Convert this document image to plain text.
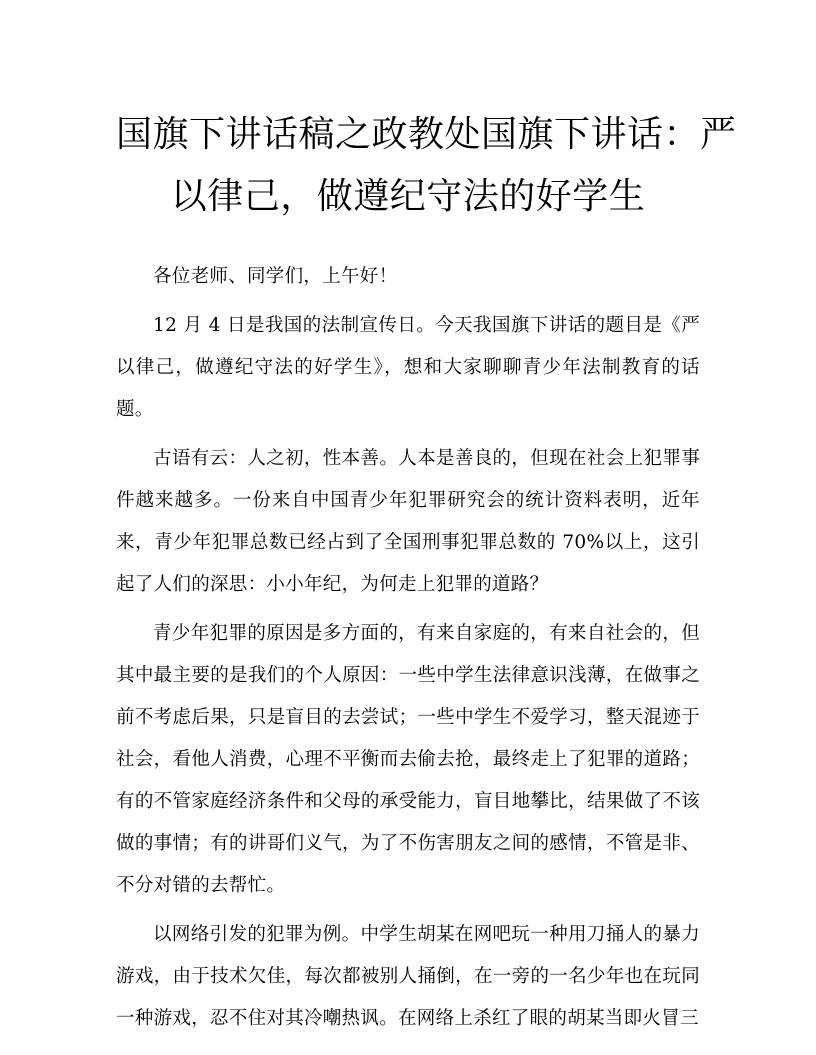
国旗下讲话稿之政教处国旗下讲话：严
以律己，做遵纪守法的好学生

各位老师、同学们，上午好！

12 月 4 日是我国的法制宣传日。今天我国旗下讲话的题目是《严以律己，做遵纪守法的好学生》，想和大家聊聊青少年法制教育的话题。

古语有云：人之初，性本善。人本是善良的，但现在社会上犯罪事件越来越多。一份来自中国青少年犯罪研究会的统计资料表明，近年来，青少年犯罪总数已经占到了全国刑事犯罪总数的 70%以上，这引起了人们的深思：小小年纪，为何走上犯罪的道路？

青少年犯罪的原因是多方面的，有来自家庭的，有来自社会的，但其中最主要的是我们的个人原因：一些中学生法律意识浅薄，在做事之前不考虑后果，只是盲目的去尝试；一些中学生不爱学习，整天混迹于社会，看他人消费，心理不平衡而去偷去抢，最终走上了犯罪的道路；有的不管家庭经济条件和父母的承受能力，盲目地攀比，结果做了不该做的事情；有的讲哥们义气，为了不伤害朋友之间的感情，不管是非、不分对错的去帮忙。

以网络引发的犯罪为例。中学生胡某在网吧玩一种用刀捅人的暴力游戏，由于技术欠佳，每次都被别人捅倒，在一旁的一名少年也在玩同一种游戏，忍不住对其冷嘲热讽。在网络上杀红了眼的胡某当即火冒三
